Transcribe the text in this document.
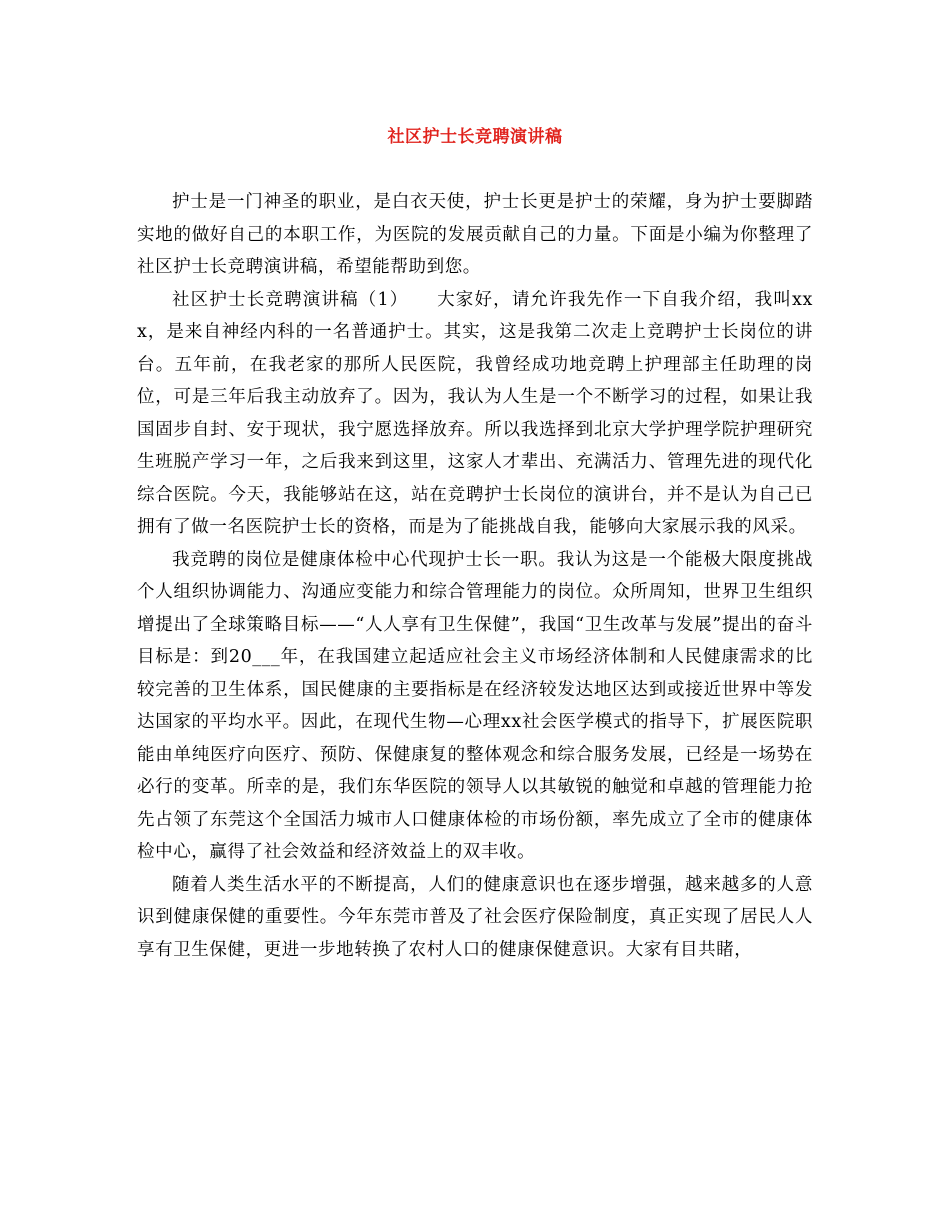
社区护士长竞聘演讲稿

护士是一门神圣的职业，是白衣天使，护士长更是护士的荣耀，身为护士要脚踏实地的做好自己的本职工作，为医院的发展贡献自己的力量。下面是小编为你整理了社区护士长竞聘演讲稿，希望能帮助到您。

社区护士长竞聘演讲稿（1）　　大家好，请允许我先作一下自我介绍，我叫xxx，是来自神经内科的一名普通护士。其实，这是我第二次走上竞聘护士长岗位的讲台。五年前，在我老家的那所人民医院，我曾经成功地竞聘上护理部主任助理的岗位，可是三年后我主动放弃了。因为，我认为人生是一个不断学习的过程，如果让我国固步自封、安于现状，我宁愿选择放弃。所以我选择到北京大学护理学院护理研究生班脱产学习一年，之后我来到这里，这家人才辈出、充满活力、管理先进的现代化综合医院。今天，我能够站在这，站在竞聘护士长岗位的演讲台，并不是认为自己已拥有了做一名医院护士长的资格，而是为了能挑战自我，能够向大家展示我的风采。

我竞聘的岗位是健康体检中心代现护士长一职。我认为这是一个能极大限度挑战个人组织协调能力、沟通应变能力和综合管理能力的岗位。众所周知，世界卫生组织增提出了全球策略目标——“人人享有卫生保健”，我国“卫生改革与发展”提出的奋斗目标是：到20___年，在我国建立起适应社会主义市场经济体制和人民健康需求的比较完善的卫生体系，国民健康的主要指标是在经济较发达地区达到或接近世界中等发达国家的平均水平。因此，在现代生物—心理xx社会医学模式的指导下，扩展医院职能由单纯医疗向医疗、预防、保健康复的整体观念和综合服务发展，已经是一场势在必行的变革。所幸的是，我们东华医院的领导人以其敏锐的触觉和卓越的管理能力抢先占领了东莞这个全国活力城市人口健康体检的市场份额，率先成立了全市的健康体检中心，赢得了社会效益和经济效益上的双丰收。

随着人类生活水平的不断提高，人们的健康意识也在逐步增强，越来越多的人意识到健康保健的重要性。今年东莞市普及了社会医疗保险制度，真正实现了居民人人享有卫生保健，更进一步地转换了农村人口的健康保健意识。大家有目共睹，
